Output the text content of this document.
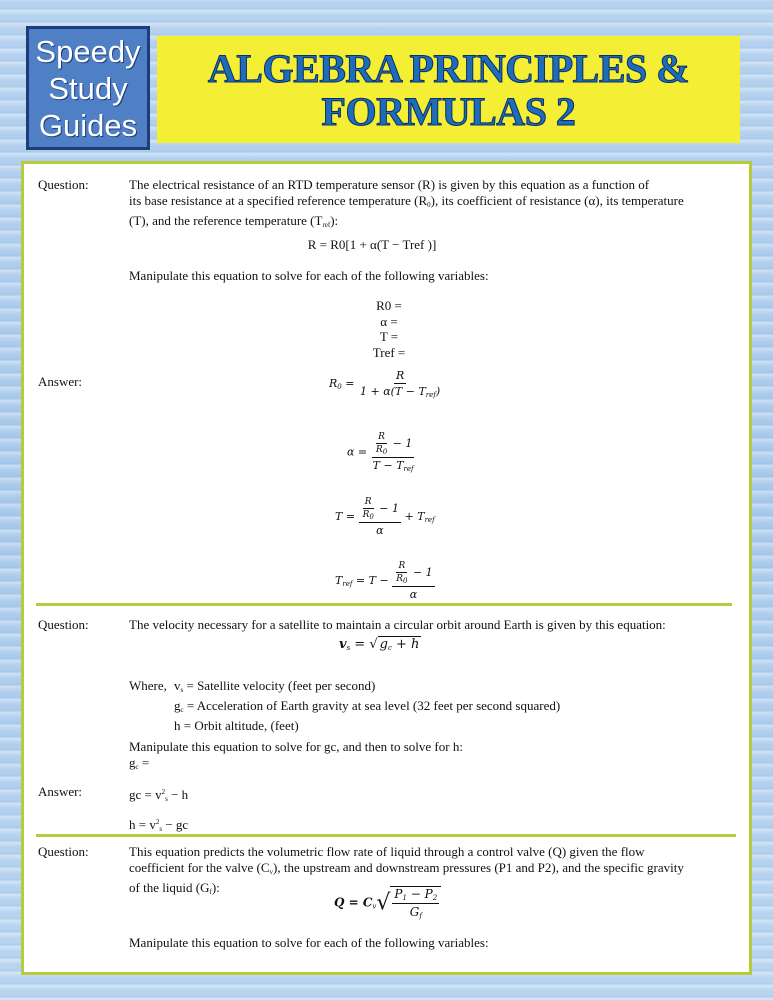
Speedy
Study
Guides
ALGEBRA PRINCIPLES &
FORMULAS 2
Question:	The electrical resistance of an RTD temperature sensor (R) is given by this equation as a function of
its base resistance at a specified reference temperature $(R_0)$, its coefficient of resistance (α), its temperature
(T), and the reference temperature $(T_{ref})$:
R = R0[1 + α(T − Tref )]
Manipulate this equation to solve for each of the following variables:
R0 =
α =
T =
Tref =
Answer:	$R_0 = \frac{R}{1 + \alpha(T - T_{ref})}$
$\alpha = \frac{\frac{R}{R_0} - 1}{T - T_{ref}}$
$T = \frac{\frac{R}{R_0} - 1}{\alpha} + T_{ref}$
$T_{ref} = T - \frac{\frac{R}{R_0} - 1}{\alpha}$
Question:	The velocity necessary for a satellite to maintain a circular orbit around Earth is given by this equation:
$v_s$ = √ $g_c + h$
Where, $v_s$ = Satellite velocity (feet per second)
$g_c$ = Acceleration of Earth gravity at sea level (32 feet per second squared)
h = Orbit altitude, (feet)
Manipulate this equation to solve for gc, and then to solve for h:
$g_c$ =
Answer:	gc = $v^2_s - h$
$h = v^2_s$ − gc
Question:	This equation predicts the volumetric flow rate of liquid through a control valve (Q) given the flow
coefficient for the valve $(C_v)$, the upstream and downstream pressures (P1 and P2), and the specific gravity
of the liquid $(G_f)$:
$Q = C_v√ \frac{P_1 - P_2}{G_f}$
Manipulate this equation to solve for each of the following variables:
